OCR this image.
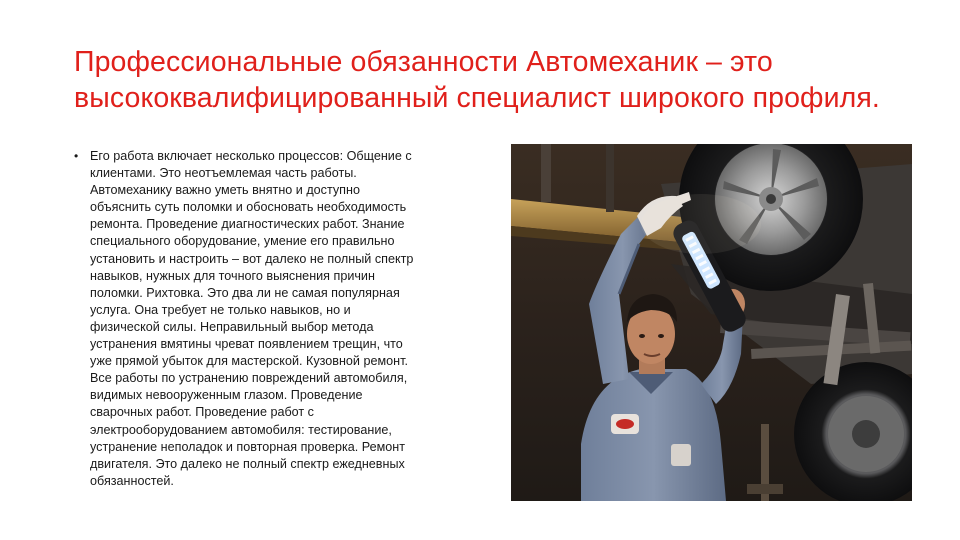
Профессиональные обязанности Автомеханик – это
высококвалифицированный специалист широкого профиля.
• Его работа включает несколько процессов: Общение с
клиентами. Это неотъемлемая часть работы.
Автомеханику важно уметь внятно и доступно
объяснить суть поломки и обосновать необходимость
ремонта. Проведение диагностических работ. Знание
специального оборудование, умение его правильно
установить и настроить – вот далеко не полный спектр
навыков, нужных для точного выяснения причин
поломки. Рихтовка. Это два ли не самая популярная
услуга. Она требует не только навыков, но и
физической силы. Неправильный выбор метода
устранения вмятины чреват появлением трещин, что
уже прямой убыток для мастерской. Кузовной ремонт.
Все работы по устранению повреждений автомобиля,
видимых невооруженным глазом. Проведение
сварочных работ. Проведение работ с
электрооборудованием автомобиля: тестирование,
устранение неполадок и повторная проверка. Ремонт
двигателя. Это далеко не полный спектр ежедневных
обязанностей.
